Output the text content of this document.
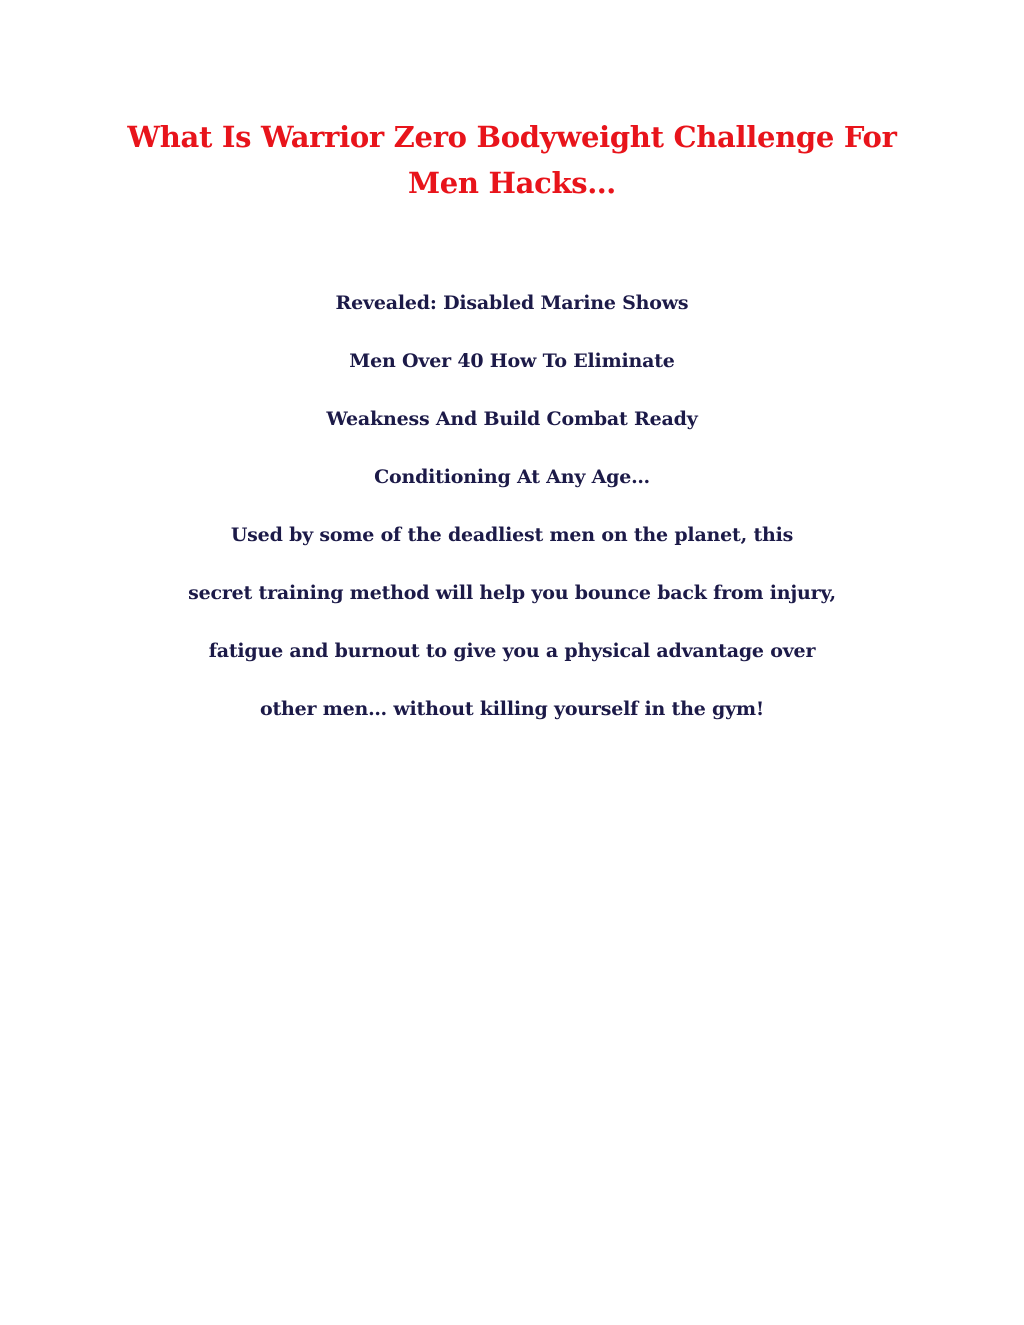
What Is Warrior Zero Bodyweight Challenge For
Men Hacks…

Revealed: Disabled Marine Shows

Men Over 40 How To Eliminate

Weakness And Build Combat Ready

Conditioning At Any Age…

Used by some of the deadliest men on the planet, this

secret training method will help you bounce back from injury,

fatigue and burnout to give you a physical advantage over

other men… without killing yourself in the gym!
